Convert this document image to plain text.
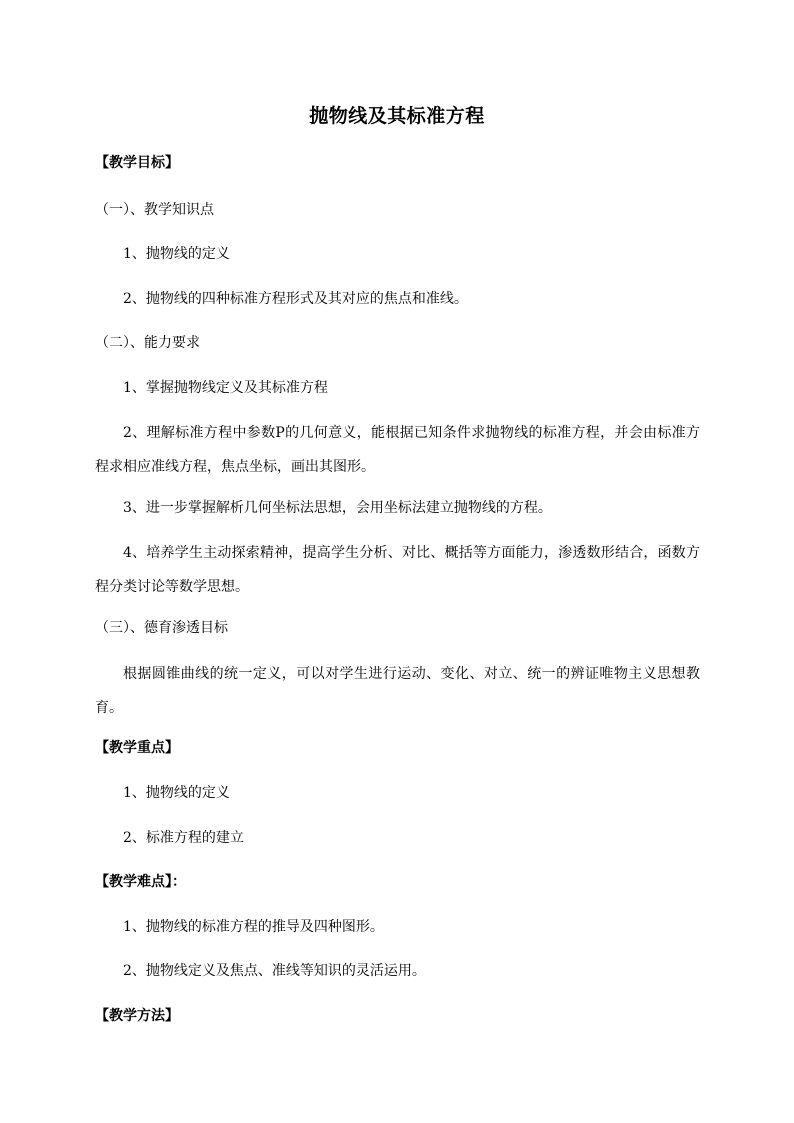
抛物线及其标准方程
【教学目标】
（一）、教学知识点
1、抛物线的定义
2、抛物线的四种标准方程形式及其对应的焦点和准线。
（二）、能力要求
1、掌握抛物线定义及其标准方程
2、理解标准方程中参数P的几何意义，能根据已知条件求抛物线的标准方程，并会由标准方程求相应准线方程，焦点坐标，画出其图形。
3、进一步掌握解析几何坐标法思想，会用坐标法建立抛物线的方程。
4、培养学生主动探索精神，提高学生分析、对比、概括等方面能力，渗透数形结合，函数方程分类讨论等数学思想。
（三）、德育渗透目标
根据圆锥曲线的统一定义，可以对学生进行运动、变化、对立、统一的辨证唯物主义思想教育。
【教学重点】
1、抛物线的定义
2、标准方程的建立
【教学难点】：
1、抛物线的标准方程的推导及四种图形。
2、抛物线定义及焦点、准线等知识的灵活运用。
【教学方法】
